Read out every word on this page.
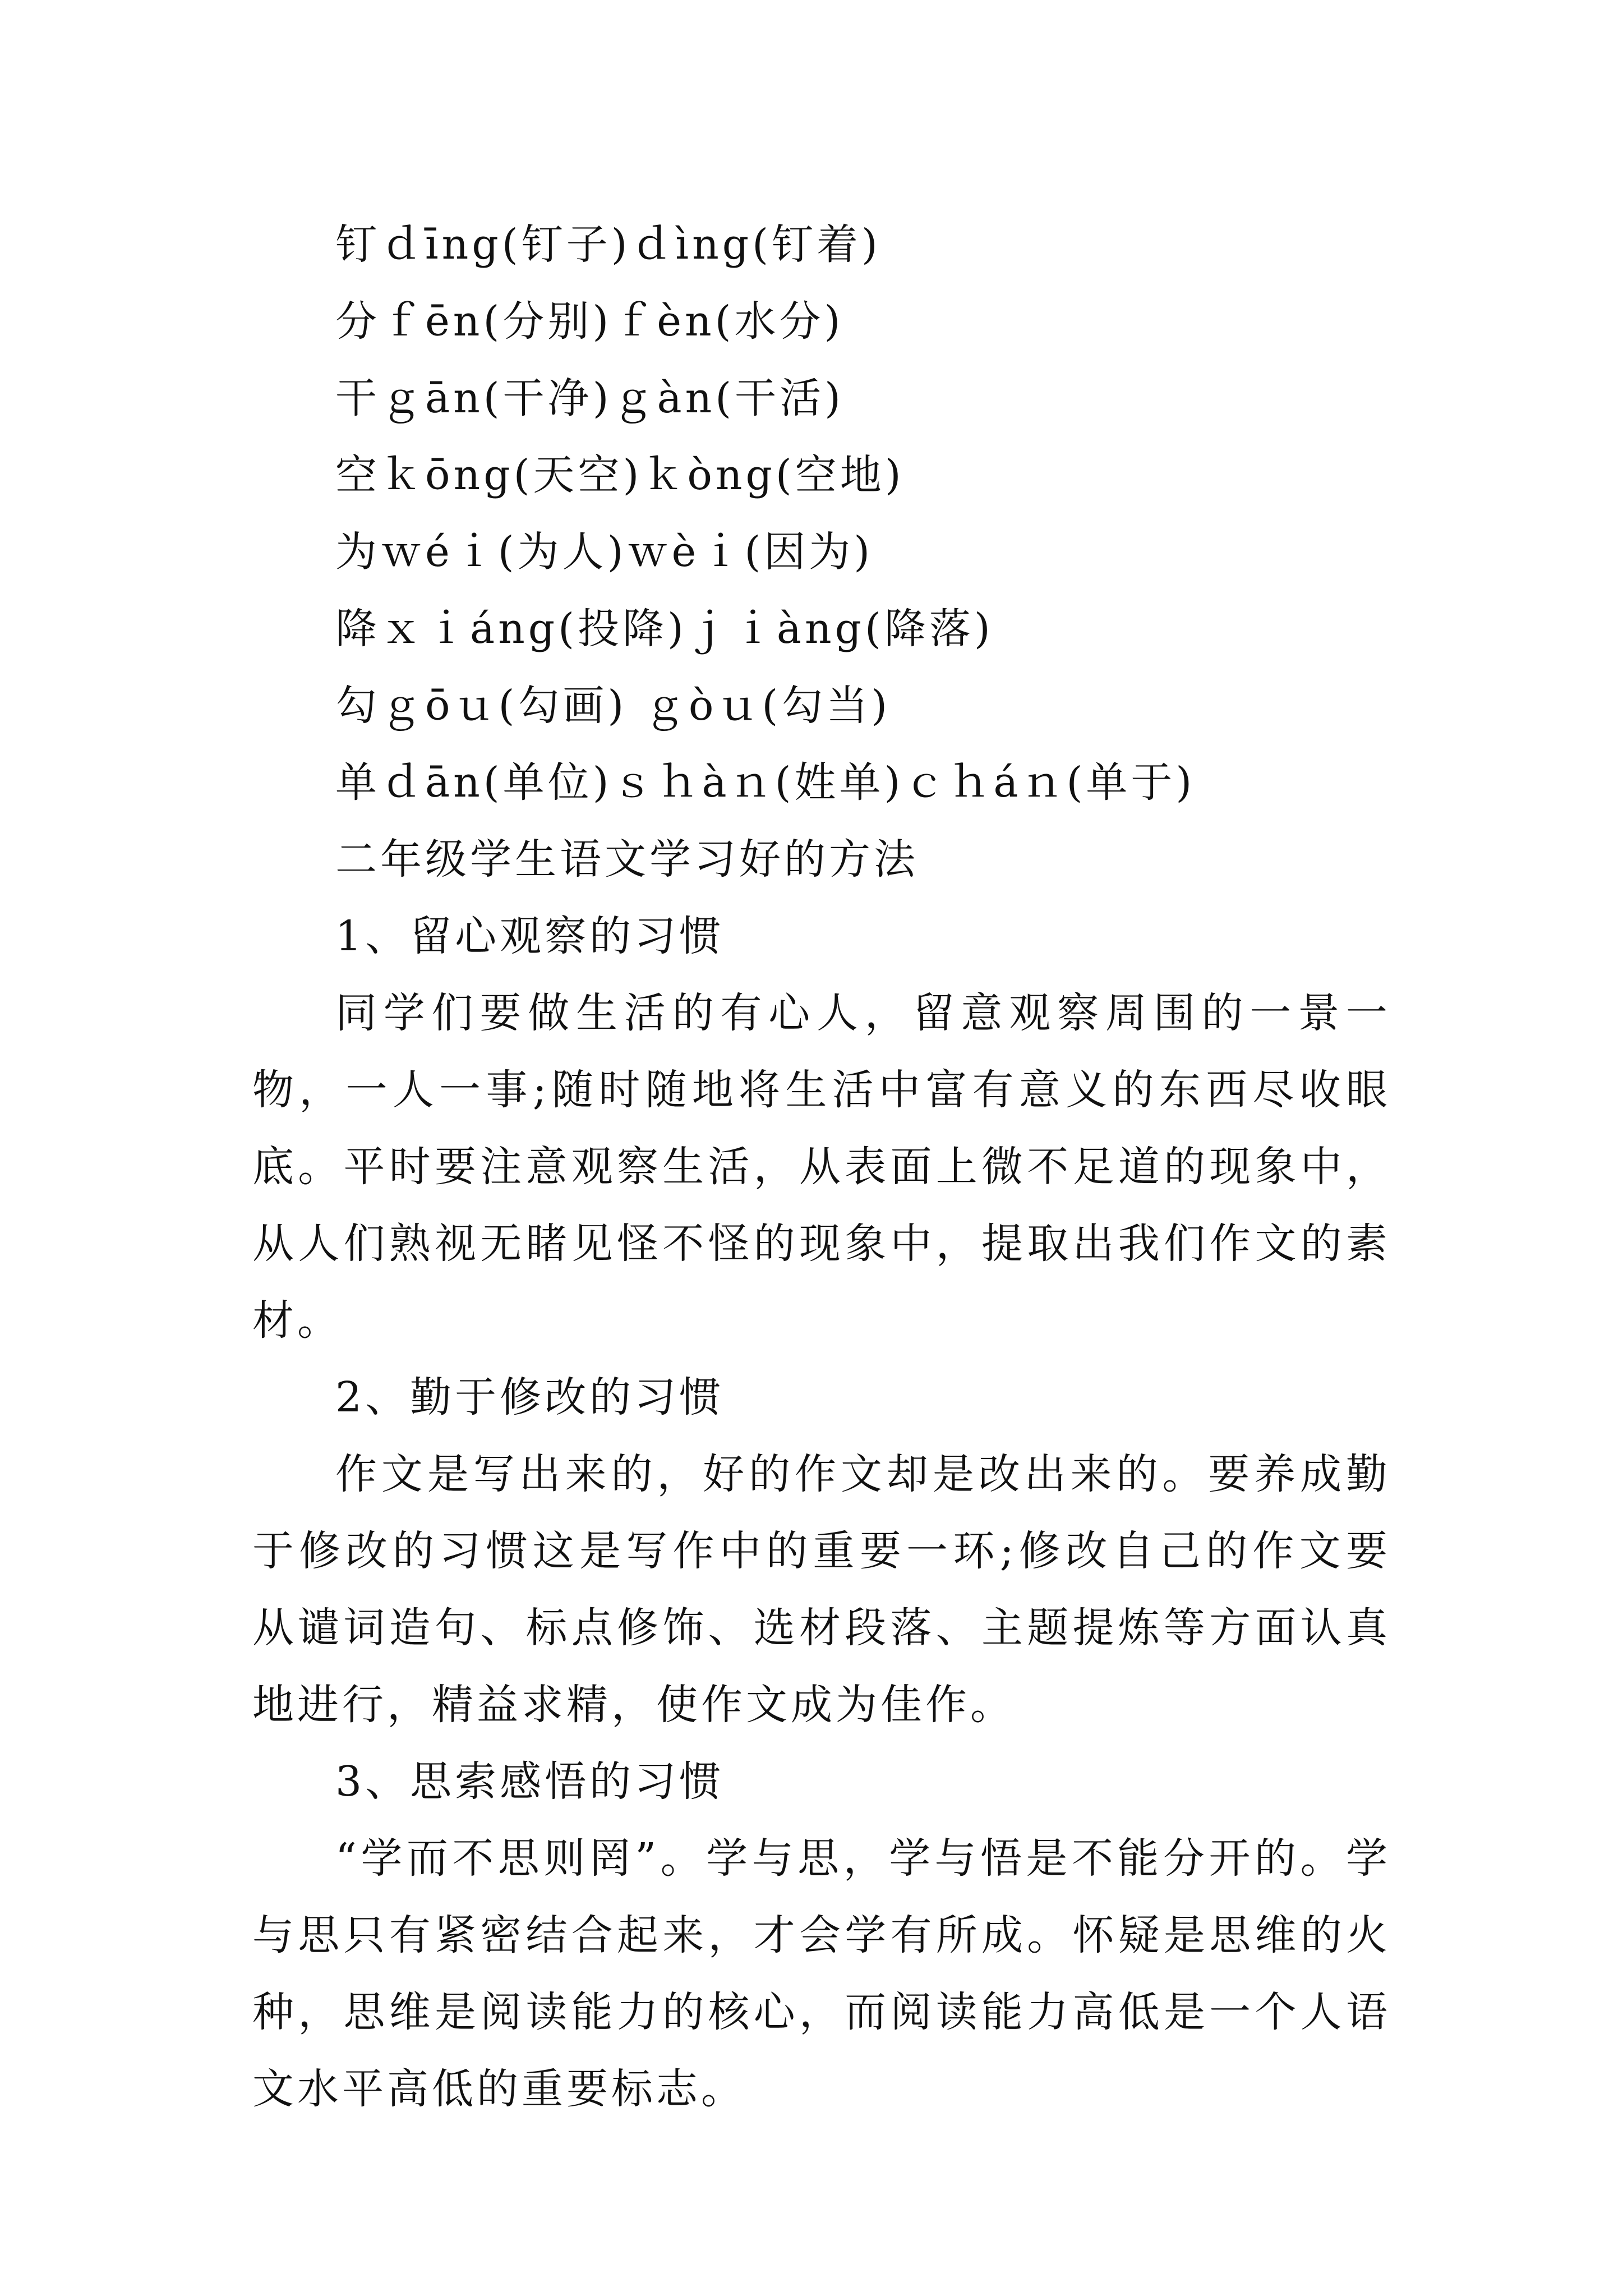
钉ｄīng(钉子)ｄìng(钉着)

分ｆēn(分别)ｆèn(水分)

干ｇān(干净)ｇàn(干活)

空ｋōng(天空)ｋòng(空地)

为ｗéｉ(为人)ｗèｉ(因为)

降ｘｉáng(投降)ｊｉàng(降落)

勾ｇōｕ(勾画) ｇòｕ(勾当)

单ｄān(单位)ｓｈàｎ(姓单)ｃｈáｎ(单于)

二年级学生语文学习好的方法

1、留心观察的习惯

同学们要做生活的有心人，留意观察周围的一景一物，一人一事;随时随地将生活中富有意义的东西尽收眼底。平时要注意观察生活，从表面上微不足道的现象中，从人们熟视无睹见怪不怪的现象中，提取出我们作文的素材。

2、勤于修改的习惯

作文是写出来的，好的作文却是改出来的。要养成勤于修改的习惯这是写作中的重要一环;修改自己的作文要从谴词造句、标点修饰、选材段落、主题提炼等方面认真地进行，精益求精，使作文成为佳作。

3、思索感悟的习惯

“学而不思则罔”。学与思，学与悟是不能分开的。学与思只有紧密结合起来，才会学有所成。怀疑是思维的火种，思维是阅读能力的核心，而阅读能力高低是一个人语文水平高低的重要标志。
